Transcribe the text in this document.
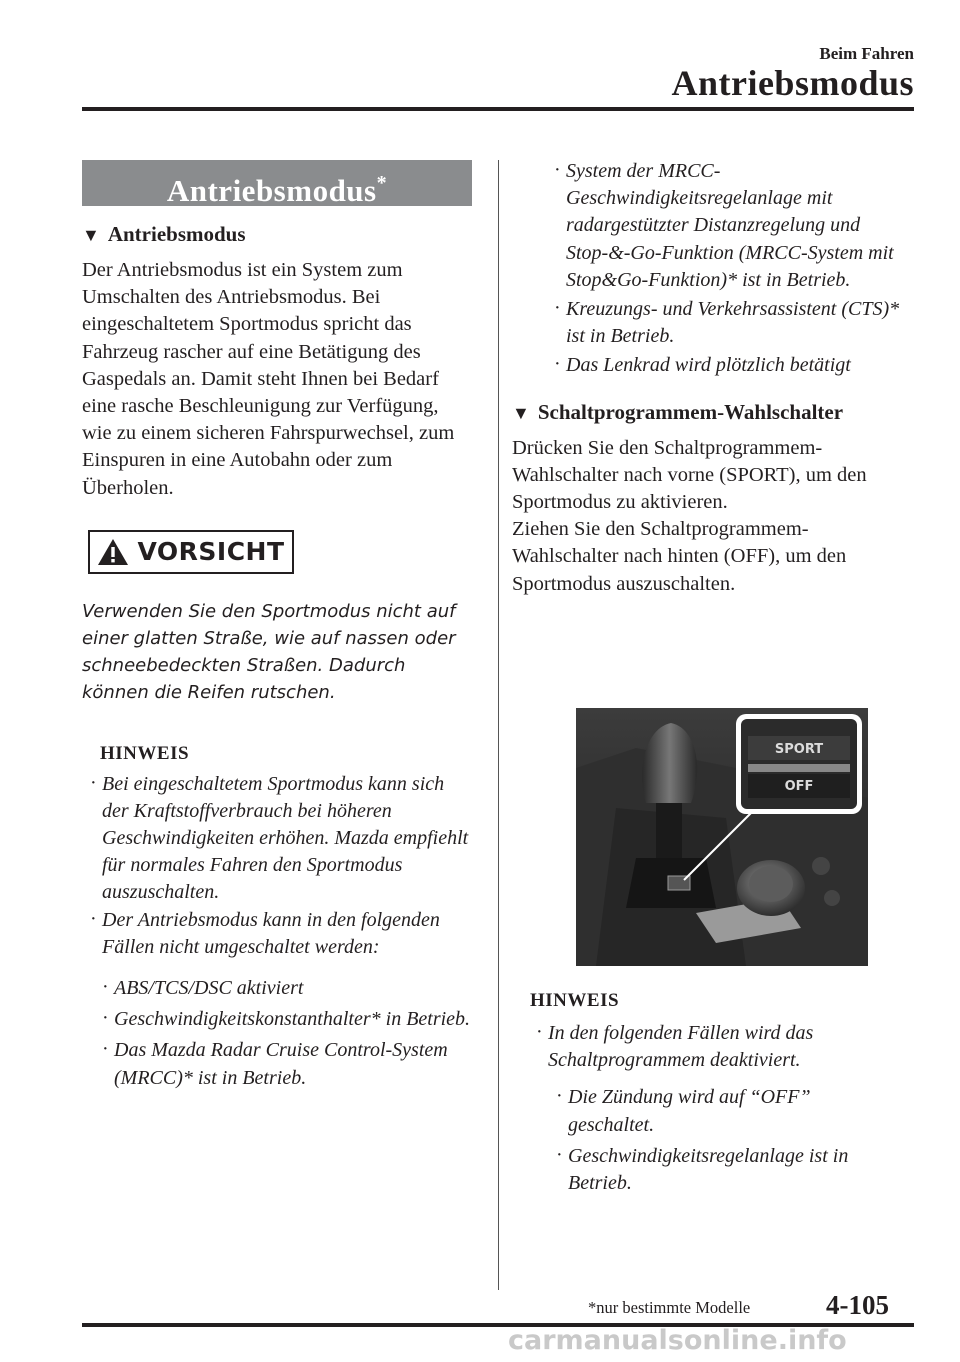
Beim Fahren
Antriebsmodus
Antriebsmodus*
▼ Antriebsmodus

Der Antriebsmodus ist ein System zum Umschalten des Antriebsmodus. Bei eingeschaltetem Sportmodus spricht das Fahrzeug rascher auf eine Betätigung des Gaspedals an. Damit steht Ihnen bei Bedarf eine rasche Beschleunigung zur Verfügung, wie zu einem sicheren Fahrspurwechsel, zum Einspuren in eine Autobahn oder zum Überholen.

VORSICHT

Verwenden Sie den Sportmodus nicht auf einer glatten Straße, wie auf nassen oder schneebedeckten Straßen. Dadurch können die Reifen rutschen.

HINWEIS
· Bei eingeschaltetem Sportmodus kann sich der Kraftstoffverbrauch bei höheren Geschwindigkeiten erhöhen. Mazda empfiehlt für normales Fahren den Sportmodus auszuschalten.
· Der Antriebsmodus kann in den folgenden Fällen nicht umgeschaltet werden:
· ABS/TCS/DSC aktiviert
· Geschwindigkeitskonstanthalter* in Betrieb.
· Das Mazda Radar Cruise Control-System (MRCC)* ist in Betrieb.
· System der MRCC-Geschwindigkeitsregelanlage mit radargestützter Distanzregelung und Stop-&-Go-Funktion (MRCC-System mit Stop&Go-Funktion)* ist in Betrieb.
· Kreuzungs- und Verkehrsassistent (CTS)* ist in Betrieb.
· Das Lenkrad wird plötzlich betätigt
▼ Schaltprogrammem-Wahlschalter

Drücken Sie den Schaltprogrammem-Wahlschalter nach vorne (SPORT), um den Sportmodus zu aktivieren.

Ziehen Sie den Schaltprogrammem-Wahlschalter nach hinten (OFF), um den Sportmodus auszuschalten.

SPORT
OFF
HINWEIS
· In den folgenden Fällen wird das Schaltprogrammem deaktiviert.
· Die Zündung wird auf “OFF” geschaltet.
· Geschwindigkeitsregelanlage ist in Betrieb.
*nur bestimmte Modelle	4-105
carmanualsonline.info
